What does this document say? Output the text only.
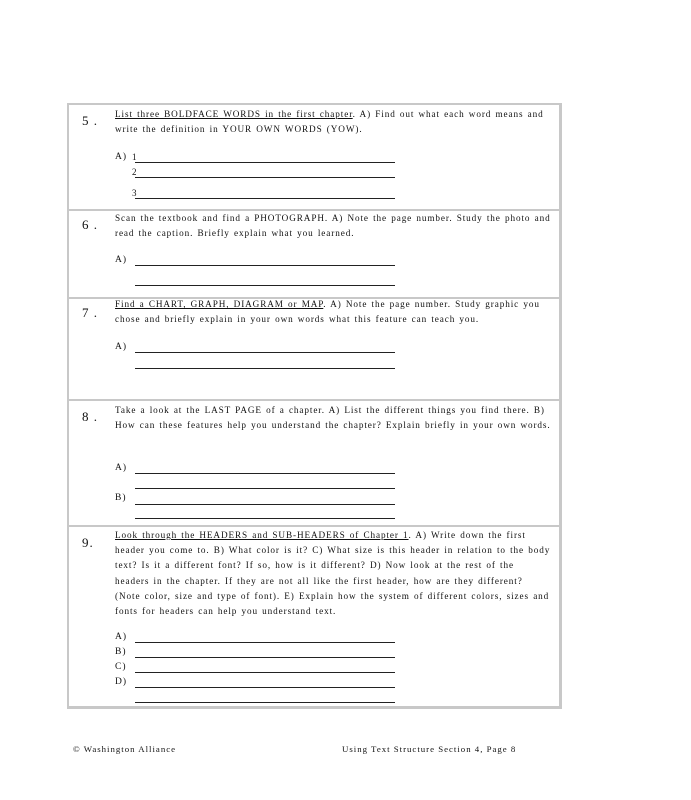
5 . List three BOLDFACE WORDS in the first chapter. A) Find out what each word means and write the definition in YOUR OWN WORDS (YOW).
A) 1
2
3
6 . Scan the textbook and find a PHOTOGRAPH. A) Note the page number. Study the photo and read the caption. Briefly explain what you learned.
A)
7 .
Find a CHART, GRAPH, DIAGRAM or MAP. A) Note the page number. Study graphic you chose and briefly explain in your own words what this feature can teach you.
A)
8 . Take a look at the LAST PAGE of a chapter. A) List the different things you find there. B) How can these features help you understand the chapter? Explain briefly in your own words.
A)
B)
9. Look through the HEADERS and SUB-HEADERS of Chapter 1. A) Write down the first header you come to. B) What color is it? C) What size is this header in relation to the body text? Is it a different font? If so, how is it different? D) Now look at the rest of the headers in the chapter. If they are not all like the first header, how are they different? (Note color, size and type of font). E) Explain how the system of different colors, sizes and fonts for headers can help you understand text.
A)
B)
C)
D)
© Washington Alliance	Using Text Structure Section 4, Page 8
